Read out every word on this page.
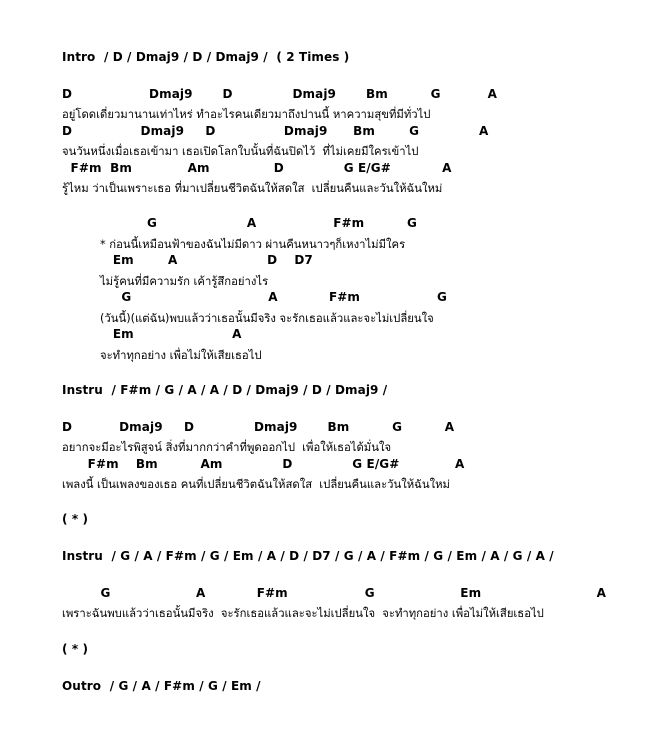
Intro  / D / Dmaj9 / D / Dmaj9 /  ( 2 Times )
D                  Dmaj9       D              Dmaj9       Bm          G           A
อยู่โดดเดี่ยวมานานเท่าไหร่ ทำอะไรคนเดียวมาถึงปานนี้ หาความสุขที่มีทั่วไป
D                Dmaj9     D                Dmaj9      Bm        G              A
จนวันหนึ่งเมื่อเธอเข้ามา เธอเปิดโลกใบนั้นที่ฉันปิดไว้  ที่ไม่เคยมีใครเข้าไป
F#m  Bm             Am               D              G E/G#            A
รู้ไหม ว่าเป็นเพราะเธอ ที่มาเปลี่ยนชีวิตฉันให้สดใส  เปลี่ยนคืนและวันให้ฉันใหม่
G                     A                  F#m          G
* ก่อนนี้เหมือนฟ้าของฉันไม่มีดาว ผ่านคืนหนาวๆก็เหงาไม่มีใคร
Em        A                     D    D7
ไม่รู้คนที่มีความรัก เค้ารู้สึกอย่างไร
G                                A            F#m                  G
(วันนี้)(แต่ฉัน)พบแล้วว่าเธอนั้นมีจริง จะรักเธอแล้วและจะไม่เปลี่ยนใจ
Em                       A
จะทำทุกอย่าง เพื่อไม่ให้เสียเธอไป
Instru  / F#m / G / A / A / D / Dmaj9 / D / Dmaj9 /
D           Dmaj9     D              Dmaj9       Bm          G          A
อยากจะมีอะไรพิสูจน์ สิ่งที่มากกว่าคำที่พูดออกไป  เพื่อให้เธอได้มั่นใจ
F#m    Bm          Am              D              G E/G#             A
เพลงนี้ เป็นเพลงของเธอ คนที่เปลี่ยนชีวิตฉันให้สดใส  เปลี่ยนคืนและวันให้ฉันใหม่
( * )
Instru  / G / A / F#m / G / Em / A / D / D7 / G / A / F#m / G / Em / A / G / A /
G                    A            F#m                  G                    Em                           A
เพราะฉันพบแล้วว่าเธอนั้นมีจริง  จะรักเธอแล้วและจะไม่เปลี่ยนใจ  จะทำทุกอย่าง เพื่อไม่ให้เสียเธอไป
( * )
Outro  / G / A / F#m / G / Em /
